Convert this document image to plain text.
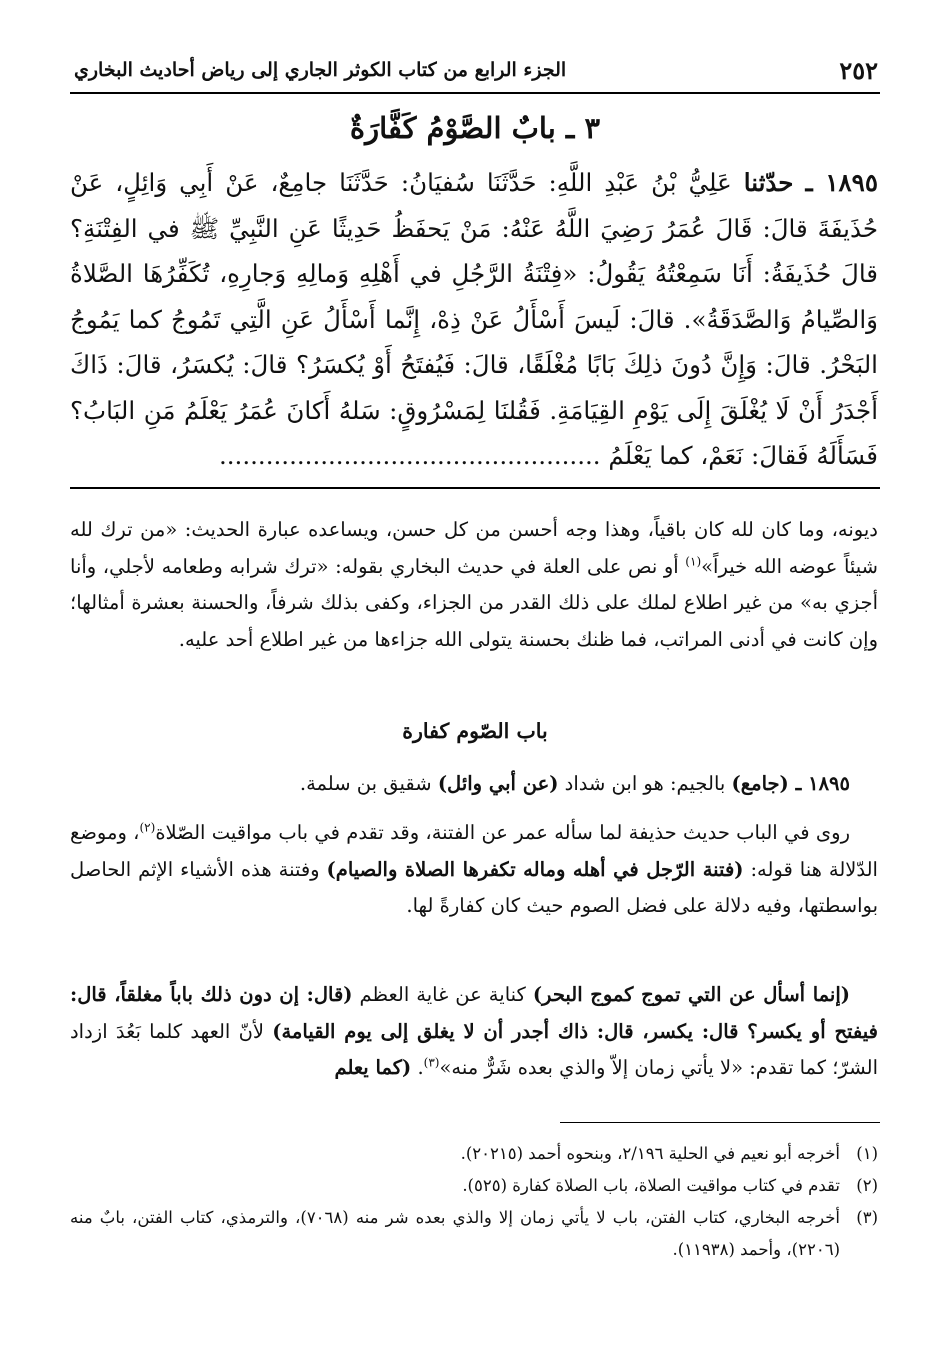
٢٥٢
الجزء الرابع من كتاب الكوثر الجاري إلى رياض أحاديث البخاري
٣ ـ بابٌ الصَّوْمُ كَفَّارَةٌ

١٨٩٥ ـ حدّثنا عَلِيُّ بْنُ عَبْدِ اللَّهِ: حَدَّثَنَا سُفيَانُ: حَدَّثَنَا جامِعٌ، عَنْ أَبِي وَائِلٍ، عَنْ حُذَيفَةَ قالَ: قَالَ عُمَرُ رَضِيَ اللَّهُ عَنْهُ: مَنْ يَحفَظُ حَدِيثًا عَنِ النَّبِيِّ ﷺ في الفِتْنَةِ؟ قالَ حُذَيفَةُ: أَنَا سَمِعْتُهُ يَقُولُ: «فِتْنَةُ الرَّجُلِ في أَهْلِهِ وَمالِهِ وَجارِهِ، تُكَفِّرُهَا الصَّلاةُ وَالصِّيامُ وَالصَّدَقَةُ». قالَ: لَيسَ أَسْأَلُ عَنْ ذِهْ، إِنَّما أَسْأَلُ عَنِ الَّتِي تَمُوجُ كما يَمُوجُ البَحْرُ. قالَ: وَإِنَّ دُونَ ذلِكَ بَابًا مُغْلَقًا، قالَ: فَيُفتَحُ أَوْ يُكسَرُ؟ قالَ: يُكسَرُ، قالَ: ذَاكَ أَجْدَرُ أَنْ لَا يُغْلَقَ إِلَى يَوْمِ القِيَامَةِ. فَقُلنَا لِمَسْرُوقٍ: سَلهُ أَكانَ عُمَرُ يَعْلَمُ مَنِ البَابُ؟ فَسَأَلَهُ فَقالَ: نَعَمْ، كما يَعْلَمُ .................................................

ديونه، وما كان لله كان باقياً، وهذا وجه أحسن من كل حسن، ويساعده عبارة الحديث: «من ترك لله شيئاً عوضه الله خيراً»$^{(١)}$ أو نص على العلة في حديث البخاري بقوله: «ترك شرابه وطعامه لأجلي، وأنا أجزي به» من غير اطلاع لملك على ذلك القدر من الجزاء، وكفى بذلك شرفاً، والحسنة بعشرة أمثالها؛ وإن كانت في أدنى المراتب، فما ظنك بحسنة يتولى الله جزاءها من غير اطلاع أحد عليه.

باب الصّوم كفارة

١٨٩٥ ـ (جامع) بالجيم: هو ابن شداد (عن أبي وائل) شقيق بن سلمة.

روى في الباب حديث حذيفة لما سأله عمر عن الفتنة، وقد تقدم في باب مواقيت الصّلاة$^{(٢)}$، وموضع الدّلالة هنا قوله: (فتنة الرّجل في أهله وماله تكفرها الصلاة والصيام) وفتنة هذه الأشياء الإثم الحاصل بواسطتها، وفيه دلالة على فضل الصوم حيث كان كفارةً لها.

(إنما أسأل عن التي تموج كموج البحر) كناية عن غاية العظم (قال: إن دون ذلك باباً مغلقاً، قال: فيفتح أو يكسر؟ قال: يكسر، قال: ذاك أجدر أن لا يغلق إلى يوم القيامة) لأنّ العهد كلما بَعُدَ ازداد الشرّ؛ كما تقدم: «لا يأتي زمان إلاّ والذي بعده شَرٌّ منه»$^{(٣)}$. (كما يعلم

(١)
أخرجه أبو نعيم في الحلية ٢/١٩٦، وبنحوه أحمد (٢٠٢١٥).
(٢)
تقدم في كتاب مواقيت الصلاة، باب الصلاة كفارة (٥٢٥).
(٣)
أخرجه البخاري، كتاب الفتن، باب لا يأتي زمان إلا والذي بعده شر منه (٧٠٦٨)، والترمذي، كتاب الفتن، بابٌ منه (٢٢٠٦)، وأحمد (١١٩٣٨).
